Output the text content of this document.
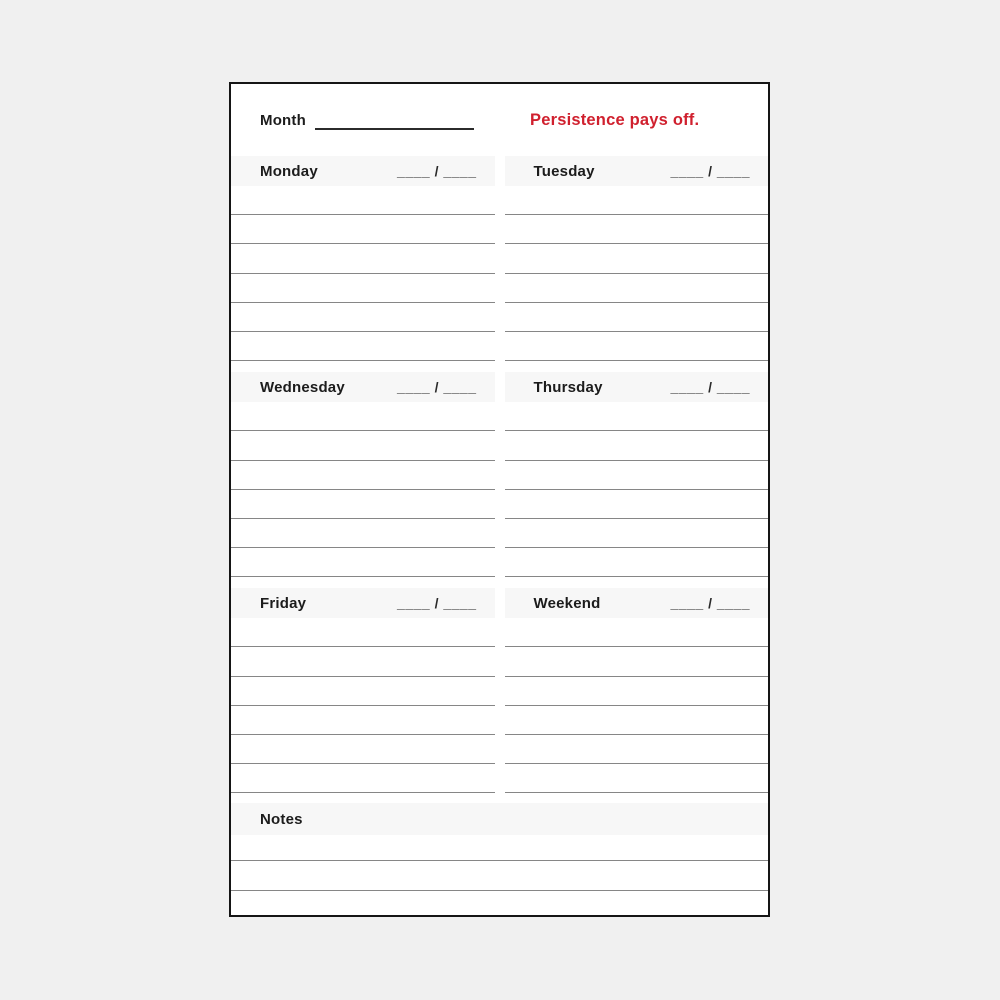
Month	Persistence pays off.
Monday	____ / ____	Tuesday	____ / ____
Wednesday	____ / ____	Thursday	____ / ____
Friday	____ / ____	Weekend	____ / ____
Notes
